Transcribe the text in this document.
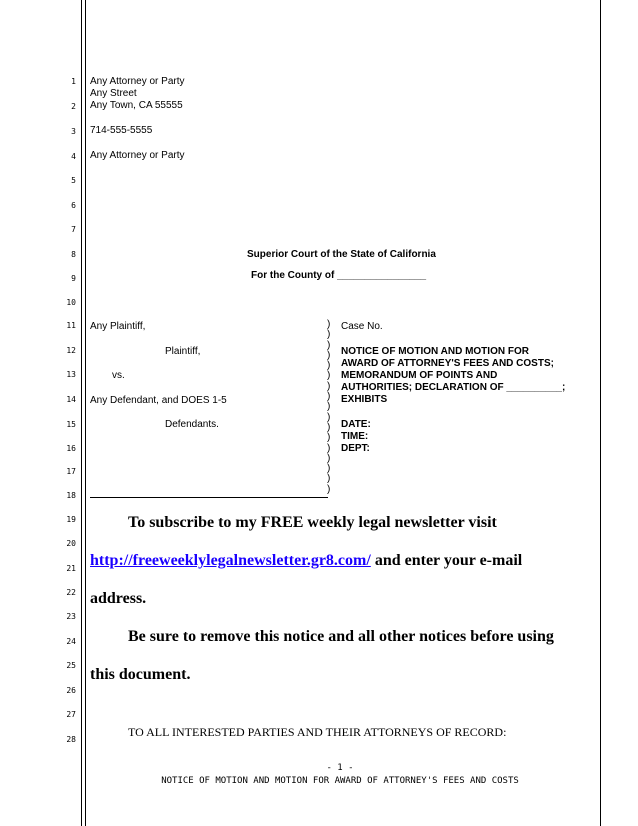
1
2
3
4
5
6
7
8
9
10
11
12
13
14
15
16
17
18
19
20
21
22
23
24
25
26
27
28
Any Attorney or Party
Any Street
Any Town, CA 55555
714-555-5555
Any Attorney or Party
Superior Court of the State of California
For the County of ________________
Any Plaintiff,
Plaintiff,
vs.
Any Defendant, and DOES 1-5
Defendants.
)
)
)
)
)
)
)
)
)
)
)
)
)
)
)
)
)
Case No.
NOTICE OF MOTION AND MOTION FOR
AWARD OF ATTORNEY'S FEES AND COSTS;
MEMORANDUM OF POINTS AND
AUTHORITIES; DECLARATION OF __________;
EXHIBITS
DATE:
TIME:
DEPT:
To subscribe to my FREE weekly legal newsletter visit
http://freeweeklylegalnewsletter.gr8.com/ and enter your e-mail
address.
Be sure to remove this notice and all other notices before using
this document.
TO ALL INTERESTED PARTIES AND THEIR ATTORNEYS OF RECORD:
- 1 -
NOTICE OF MOTION AND MOTION FOR AWARD OF ATTORNEY'S FEES AND COSTS
